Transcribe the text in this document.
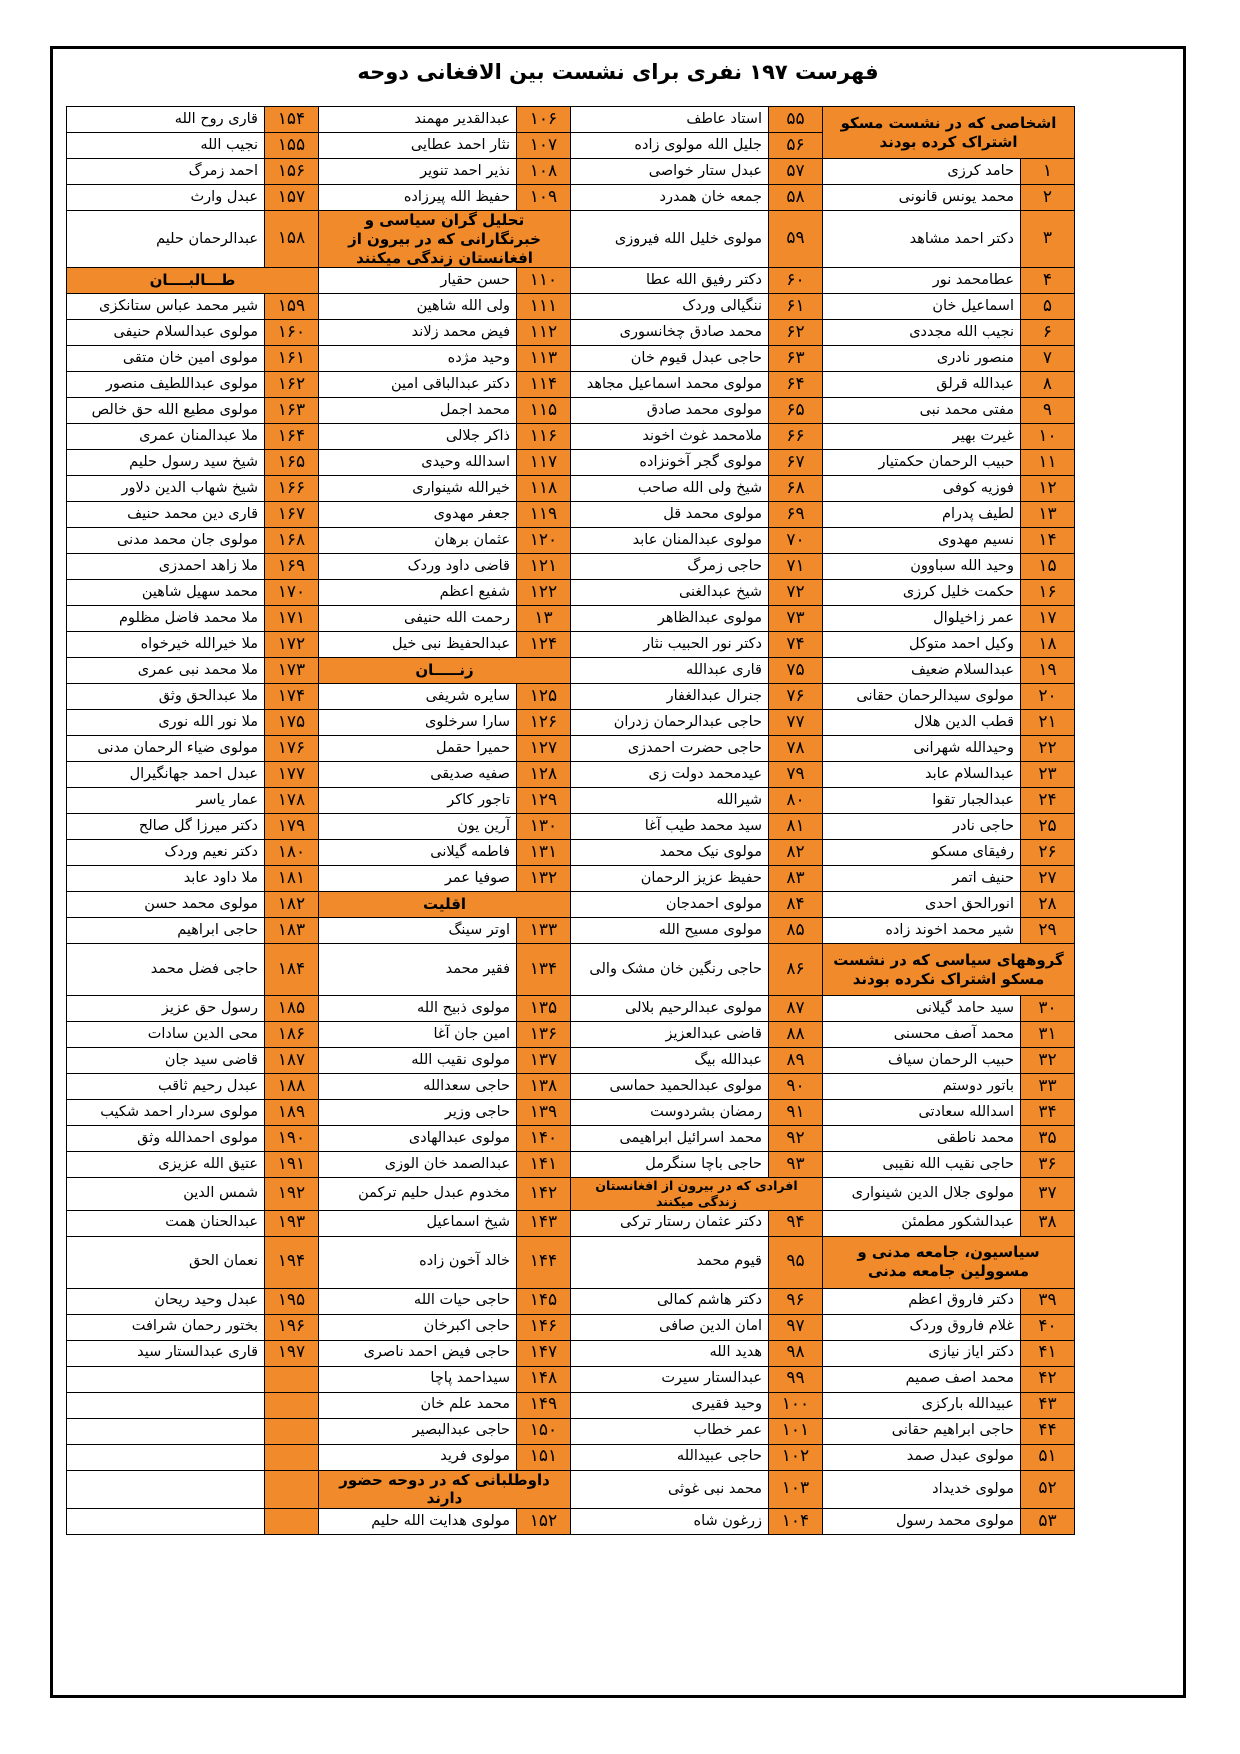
فهرست ۱۹۷ نفری برای نشست بین الافغانی دوحه
اشخاصی که در نشست مسکو اشتراک کرده بودند		۵۵	استاد عاطف	۱۰۶	عبدالقدیر مهمند	۱۵۴	قاری روح الله
		۵۶	جلیل الله مولوی زاده	۱۰۷	نثار احمد عطایی	۱۵۵	نجیب الله
۱	حامد کرزی	۵۷	عبدل ستار خواصی	۱۰۸	نذیر احمد تنویر	۱۵۶	احمد زمرگ
۲	محمد یونس قانونی	۵۸	جمعه خان همدرد	۱۰۹	حفیظ الله پیرزاده	۱۵۷	عبدل وارث
۳	دکتر احمد مشاهد	۵۹	مولوی خلیل الله فیروزی	تحلیل گران سیاسی و خبرنگارانی که در بیرون از افغانستان زندگی میکنند		۱۵۸	عبدالرحمان حلیم

۴	عطامحمد نور	۶۰	دکتر رفیق الله عطا	۱۱۰	حسن حقیار	طـــالبــــان	
۵	اسماعیل خان	۶۱	ننگیالی وردک	۱۱۱	ولی الله شاهین	۱۵۹	شیر محمد عباس ستانکزی
۶	نجیب الله مجددی	۶۲	محمد صادق چخانسوری	۱۱۲	فیض محمد زلاند	۱۶۰	مولوی عبدالسلام حنیفی
۷	منصور نادری	۶۳	حاجی عبدل قیوم خان	۱۱۳	وحید مژده	۱۶۱	مولوی امین خان متقی
۸	عبدالله قرلق	۶۴	مولوی محمد اسماعیل مجاهد	۱۱۴	دکتر عبدالباقی امین	۱۶۲	مولوی عبداللطیف منصور
۹	مفتی محمد نبی	۶۵	مولوی محمد صادق	۱۱۵	محمد اجمل	۱۶۳	مولوی مطیع الله حق خالص
۱۰	غیرت بهیر	۶۶	ملامحمد غوث اخوند	۱۱۶	ذاکر جلالی	۱۶۴	ملا عبدالمنان عمری
۱۱	حبیب الرحمان حکمتیار	۶۷	مولوی گجر آخونزاده	۱۱۷	اسدالله وحیدی	۱۶۵	شیخ سید رسول حلیم
۱۲	فوزیه کوفی	۶۸	شیخ ولی الله صاحب	۱۱۸	خیرالله شینواری	۱۶۶	شیخ شهاب الدین دلاور
۱۳	لطیف پدرام	۶۹	مولوی محمد قل	۱۱۹	جعفر مهدوی	۱۶۷	قاری دین محمد حنیف
۱۴	نسیم مهدوی	۷۰	مولوی عبدالمنان عابد	۱۲۰	عثمان برهان	۱۶۸	مولوی جان محمد مدنی
۱۵	وحید الله سباوون	۷۱	حاجی زمرگ	۱۲۱	قاضی داود وردک	۱۶۹	ملا زاهد احمدزی
۱۶	حکمت خلیل کرزی	۷۲	شیخ عبدالغنی	۱۲۲	شفیع اعظم	۱۷۰	محمد سهیل شاهین
۱۷	عمر زاخیلوال	۷۳	مولوی عبدالظاهر	۱۳	رحمت الله حنیفی	۱۷۱	ملا محمد فاضل مظلوم
۱۸	وکیل احمد متوکل	۷۴	دکتر نور الحبیب نثار	۱۲۴	عبدالحفیظ نبی خیل	۱۷۲	ملا خیرالله خیرخواه
۱۹	عبدالسلام ضعیف	۷۵	قاری عبدالله	زنـــــان		۱۷۳	ملا محمد نبی عمری
۲۰	مولوی سیدالرحمان حقانی	۷۶	جنرال عبدالغفار	۱۲۵	سایره شریفی	۱۷۴	ملا عبدالحق وثق
۲۱	قطب الدین هلال	۷۷	حاجی عبدالرحمان زدران	۱۲۶	سارا سرخلوی	۱۷۵	ملا نور الله نوری
۲۲	وحیدالله شهرانی	۷۸	حاجی حضرت احمدزی	۱۲۷	حمیرا حقمل	۱۷۶	مولوی ضیاء الرحمان مدنی
۲۳	عبدالسلام عابد	۷۹	عیدمحمد دولت زی	۱۲۸	صفیه صدیقی	۱۷۷	عبدل احمد جهانگیرال
۲۴	عبدالجبار تقوا	۸۰	شیرالله	۱۲۹	تاجور کاکر	۱۷۸	عمار یاسر
۲۵	حاجی نادر	۸۱	سید محمد طیب آغا	۱۳۰	آرین یون	۱۷۹	دکتر میرزا گل صالح
۲۶	رفیقای مسکو	۸۲	مولوی نیک محمد	۱۳۱	فاطمه گیلانی	۱۸۰	دکتر نعیم وردک
۲۷	حنیف اتمر	۸۳	حفیظ عزیز الرحمان	۱۳۲	صوفیا عمر	۱۸۱	ملا داود عابد
۲۸	انورالحق احدی	۸۴	مولوی احمدجان	اقلیت		۱۸۲	مولوی محمد حسن
۲۹	شیر محمد اخوند زاده	۸۵	مولوی مسیح الله	۱۳۳	اوتر سینگ	۱۸۳	حاجی ابراهیم
گروههای سیاسی که در نشست مسکو اشتراک نکرده بودند		۸۶	حاجی رنگین خان مشک والی	۱۳۴	فقیر محمد	۱۸۴	حاجی فضل محمد

۳۰	سید حامد گیلانی	۸۷	مولوی عبدالرحیم بلالی	۱۳۵	مولوی ذبیح الله	۱۸۵	رسول حق عزیز
۳۱	محمد آصف محسنی	۸۸	قاضی عبدالعزیز	۱۳۶	امین جان آغا	۱۸۶	محی الدین سادات
۳۲	حبیب الرحمان سیاف	۸۹	عبدالله بیگ	۱۳۷	مولوی نقیب الله	۱۸۷	قاضی سید جان
۳۳	باتور دوستم	۹۰	مولوی عبدالحمید حماسی	۱۳۸	حاجی سعدالله	۱۸۸	عبدل رحیم ثاقب
۳۴	اسدالله سعادتی	۹۱	رمضان بشردوست	۱۳۹	حاجی وزیر	۱۸۹	مولوی سردار احمد شکیب
۳۵	محمد ناطقی	۹۲	محمد اسرائیل ابراهیمی	۱۴۰	مولوی عبدالهادی	۱۹۰	مولوی احمدالله وثق
۳۶	حاجی نقیب الله نقیبی	۹۳	حاجی باچا سنگرمل	۱۴۱	عبدالصمد خان الوزی	۱۹۱	عتیق الله عزیزی
۳۷	مولوی جلال الدین شینواری	افرادی که در بیرون از افغانستان زندگی میکنند		۱۴۲	مخدوم عبدل حلیم ترکمن	۱۹۲	شمس الدین
۳۸	عبدالشکور مطمئن	۹۴	دکتر عثمان رستار ترکی	۱۴۳	شیخ اسماعیل	۱۹۳	عبدالحنان همت
سیاسیون، جامعه مدنی و مسوولین جامعه مدنی		۹۵	قیوم محمد	۱۴۴	خالد آخون زاده	۱۹۴	نعمان الحق

۳۹	دکتر فاروق اعظم	۹۶	دکتر هاشم کمالی	۱۴۵	حاجی حیات الله	۱۹۵	عبدل وحید ریحان
۴۰	غلام فاروق وردک	۹۷	امان الدین صافی	۱۴۶	حاجی اکبرخان	۱۹۶	بختور رحمان شرافت
۴۱	دکتر ایاز نیازی	۹۸	هدید الله	۱۴۷	حاجی فیض احمد ناصری	۱۹۷	قاری عبدالستار سید
۴۲	محمد اصف صمیم	۹۹	عبدالستار سیرت	۱۴۸	سیداحمد پاچا		
۴۳	عبیدالله بارکزی	۱۰۰	وحید فقیری	۱۴۹	محمد علم خان		
۴۴	حاجی ابراهیم حقانی	۱۰۱	عمر خطاب	۱۵۰	حاجی عبدالبصیر		
۵۱	مولوی عبدل صمد	۱۰۲	حاجی عبیدالله	۱۵۱	مولوی فرید		
۵۲	مولوی خدیداد	۱۰۳	محمد نبی غوثی	داوطلبانی که در دوحه حضور دارند			
۵۳	مولوی محمد رسول	۱۰۴	زرغون شاه	۱۵۲	مولوی هدایت الله حلیم		
